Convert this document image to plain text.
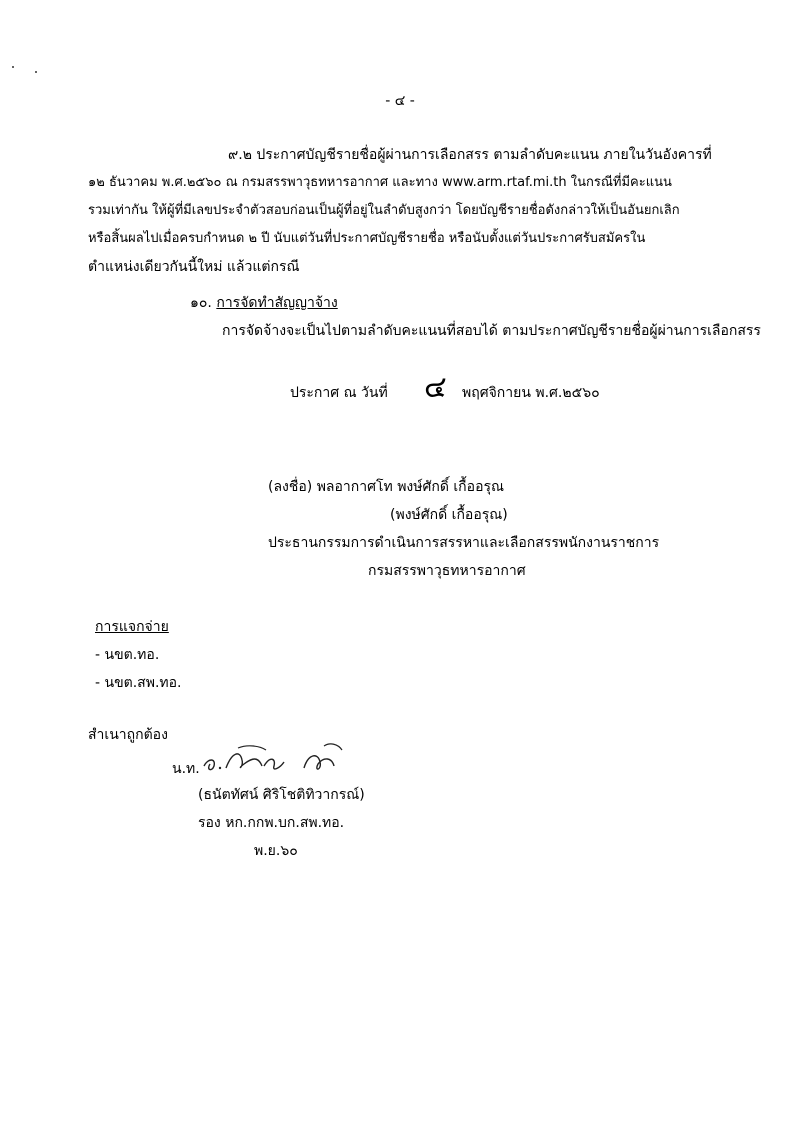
- ๔ -
๙.๒ ประกาศบัญชีรายชื่อผู้ผ่านการเลือกสรร ตามลำดับคะแนน ภายในวันอังคารที่
๑๒ ธันวาคม พ.ศ.๒๕๖๐ ณ กรมสรรพาวุธทหารอากาศ และทาง www.arm.rtaf.mi.th ในกรณีที่มีคะแนน
รวมเท่ากัน ให้ผู้ที่มีเลขประจำตัวสอบก่อนเป็นผู้ที่อยู่ในลำดับสูงกว่า โดยบัญชีรายชื่อดังกล่าวให้เป็นอันยกเลิก
หรือสิ้นผลไปเมื่อครบกำหนด ๒ ปี นับแต่วันที่ประกาศบัญชีรายชื่อ หรือนับตั้งแต่วันประกาศรับสมัครใน
ตำแหน่งเดียวกันนี้ใหม่ แล้วแต่กรณี
๑๐. การจัดทำสัญญาจ้าง
การจัดจ้างจะเป็นไปตามลำดับคะแนนที่สอบได้ ตามประกาศบัญชีรายชื่อผู้ผ่านการเลือกสรร
ประกาศ ณ วันที่ ๔ พฤศจิกายน พ.ศ.๒๕๖๐
(ลงชื่อ) พลอากาศโท พงษ์ศักดิ์ เกื้ออรุณ
(พงษ์ศักดิ์ เกื้ออรุณ)
ประธานกรรมการดำเนินการสรรหาและเลือกสรรพนักงานราชการ
กรมสรรพาวุธทหารอากาศ
การแจกจ่าย
- นขต.ทอ.
- นขต.สพ.ทอ.
สำเนาถูกต้อง
น.ท.
(ธนัตทัศน์ ศิริโชติทิวากรณ์)
รอง หก.กกพ.บก.สพ.ทอ.
พ.ย.๖๐
